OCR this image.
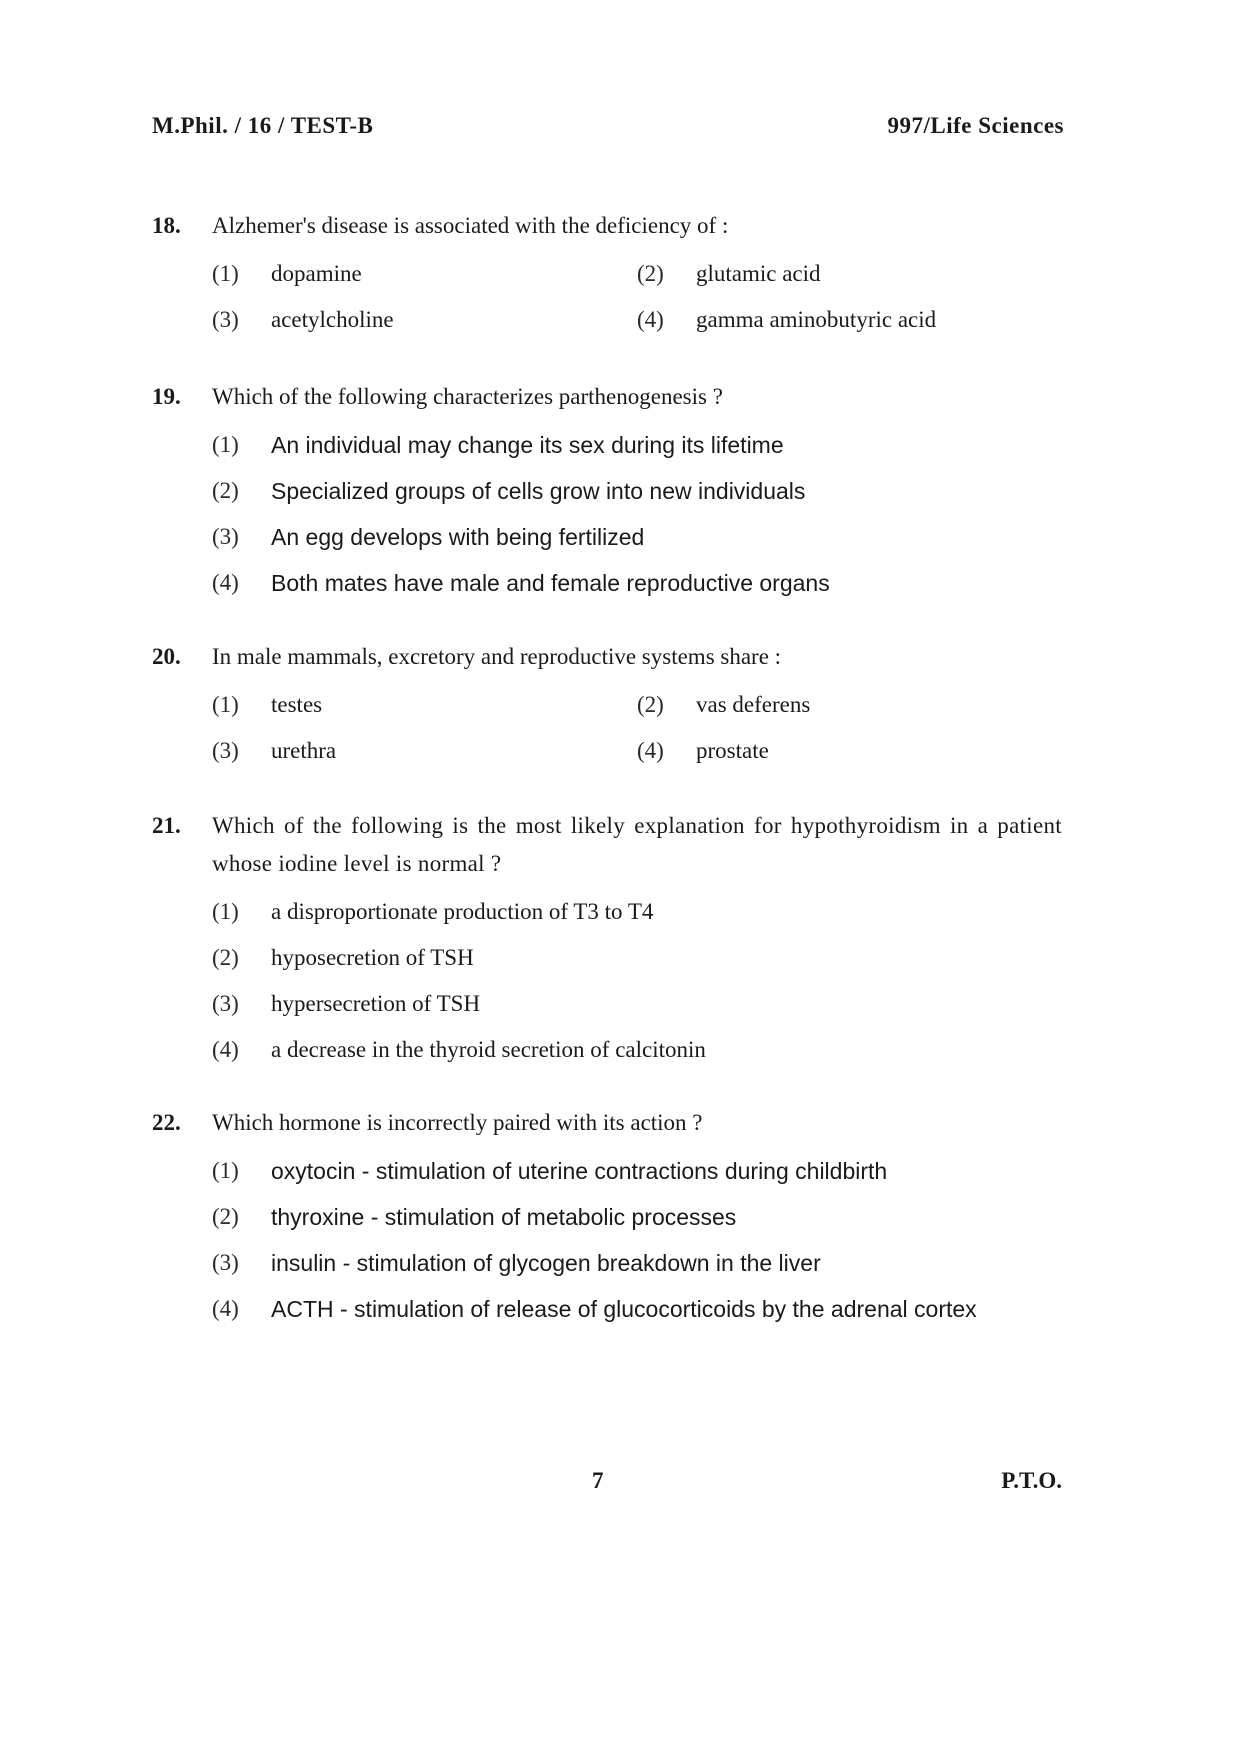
M.Phil. / 16 / TEST-B	997/Life Sciences
18.	Alzhemer's disease is associated with the deficiency of :
(1)	dopamine	(2)	glutamic acid
(3)	acetylcholine	(4)	gamma aminobutyric acid
19.	Which of the following characterizes parthenogenesis ?
(1)	An individual may change its sex during its lifetime
(2)	Specialized groups of cells grow into new individuals
(3)	An egg develops with being fertilized
(4)	Both mates have male and female reproductive organs
20.	In male mammals, excretory and reproductive systems share :
(1)	testes	(2)	vas deferens
(3)	urethra	(4)	prostate
21.	Which of the following is the most likely explanation for hypothyroidism in a patient whose iodine level is normal ?
(1)	a disproportionate production of T3 to T4
(2)	hyposecretion of TSH
(3)	hypersecretion of TSH
(4)	a decrease in the thyroid secretion of calcitonin
22.	Which hormone is incorrectly paired with its action ?
(1)	oxytocin - stimulation of uterine contractions during childbirth
(2)	thyroxine - stimulation of metabolic processes
(3)	insulin - stimulation of glycogen breakdown in the liver
(4)	ACTH - stimulation of release of glucocorticoids by the adrenal cortex
7	P.T.O.
